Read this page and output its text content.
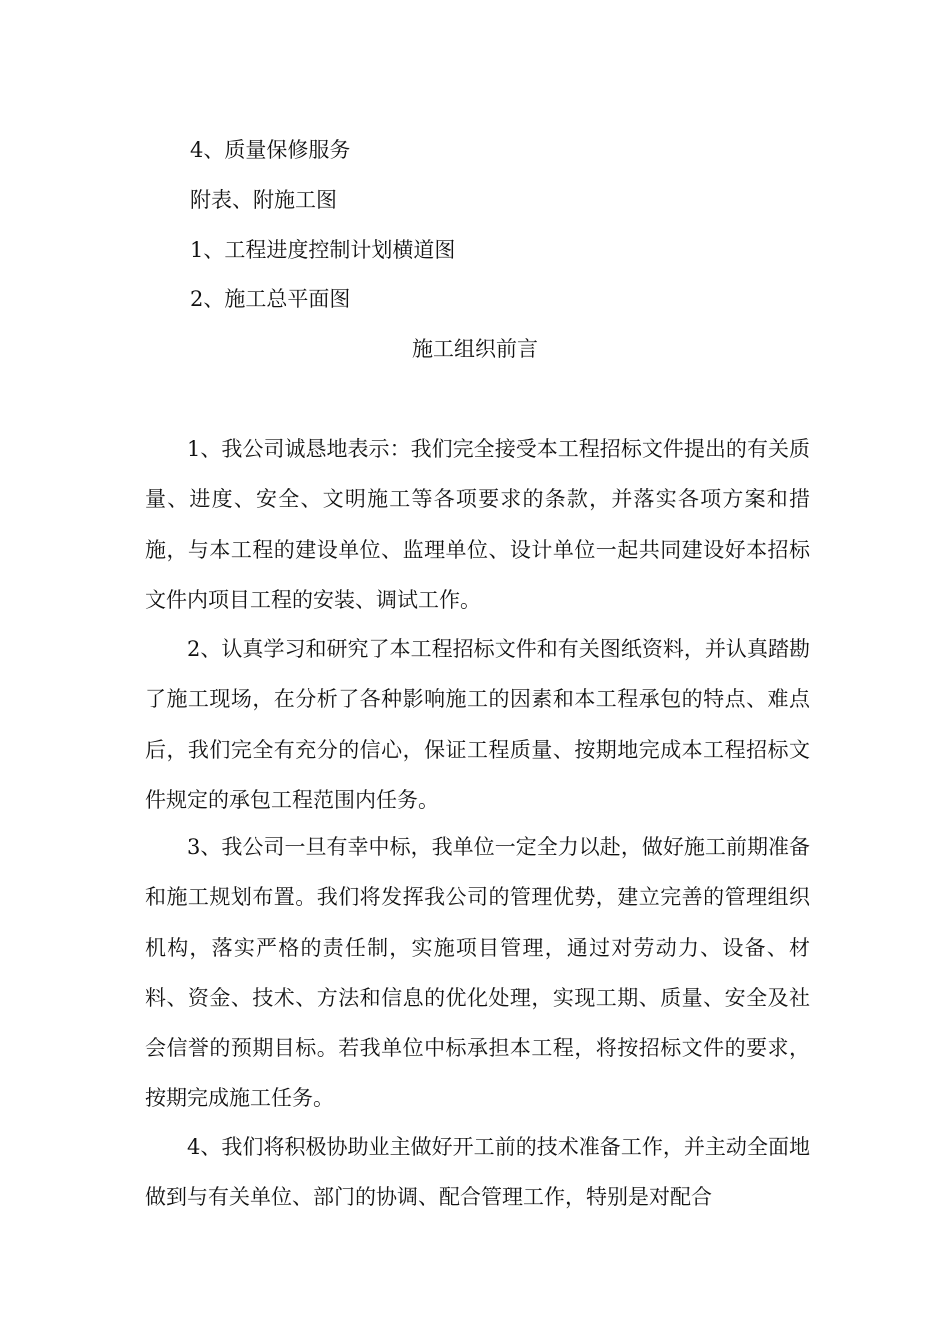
4、质量保修服务
附表、附施工图
1、工程进度控制计划横道图
2、施工总平面图
施工组织前言

1、我公司诚恳地表示：我们完全接受本工程招标文件提出的有关质量、进度、安全、文明施工等各项要求的条款，并落实各项方案和措施，与本工程的建设单位、监理单位、设计单位一起共同建设好本招标文件内项目工程的安装、调试工作。

2、认真学习和研究了本工程招标文件和有关图纸资料，并认真踏勘了施工现场，在分析了各种影响施工的因素和本工程承包的特点、难点后，我们完全有充分的信心，保证工程质量、按期地完成本工程招标文件规定的承包工程范围内任务。

3、我公司一旦有幸中标，我单位一定全力以赴，做好施工前期准备和施工规划布置。我们将发挥我公司的管理优势，建立完善的管理组织机构，落实严格的责任制，实施项目管理，通过对劳动力、设备、材料、资金、技术、方法和信息的优化处理，实现工期、质量、安全及社会信誉的预期目标。若我单位中标承担本工程，将按招标文件的要求，按期完成施工任务。

4、我们将积极协助业主做好开工前的技术准备工作，并主动全面地做到与有关单位、部门的协调、配合管理工作，特别是对配合
